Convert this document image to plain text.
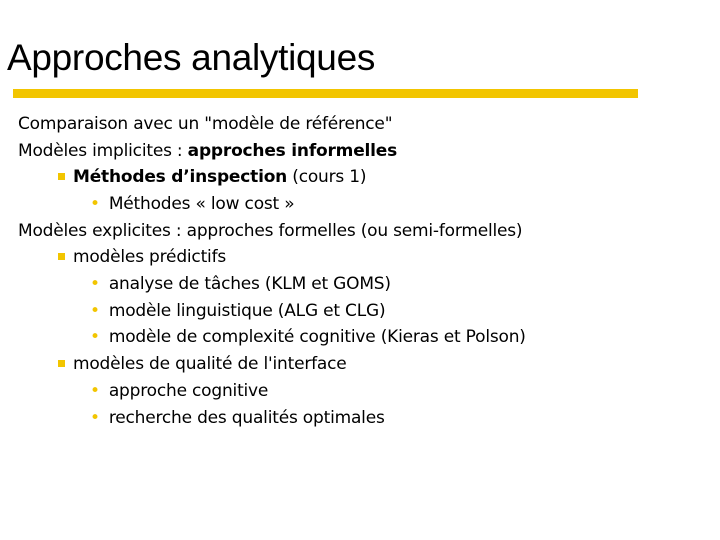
Approches analytiques
Comparaison avec un "modèle de référence"
Modèles implicites : approches informelles
Méthodes d’inspection (cours 1)
• Méthodes « low cost »
Modèles explicites : approches formelles (ou semi-formelles)
modèles prédictifs
• analyse de tâches (KLM et GOMS)
• modèle linguistique (ALG et CLG)
• modèle de complexité cognitive (Kieras et Polson)
modèles de qualité de l'interface
• approche cognitive
• recherche des qualités optimales
